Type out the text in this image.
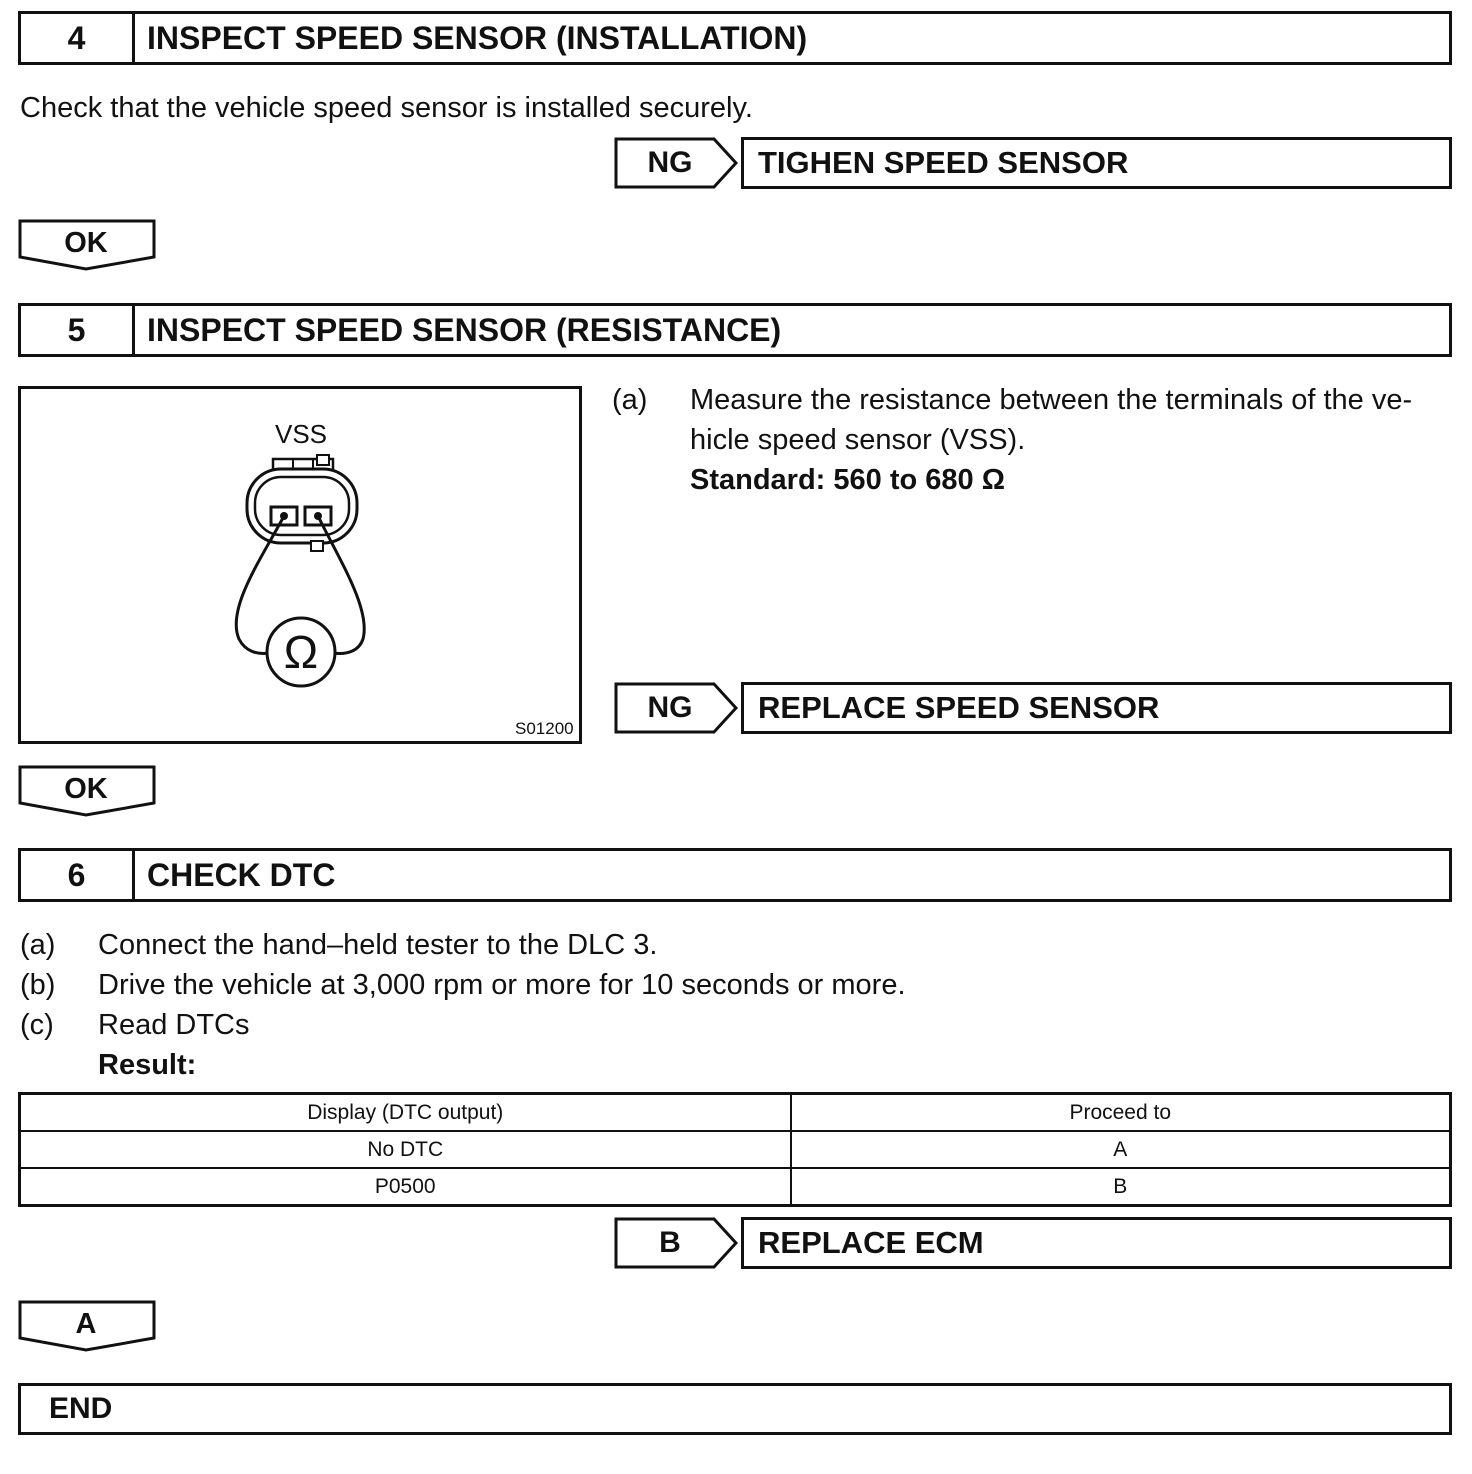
4	INSPECT SPEED SENSOR (INSTALLATION)
Check that the vehicle speed sensor is installed securely.
NG	TIGHEN SPEED SENSOR
OK
5	INSPECT SPEED SENSOR (RESISTANCE)
VSS
Ω
S01200
(a) Measure the resistance between the terminals of the ve-
hicle speed sensor (VSS).
Standard: 560 to 680 Ω
NG	REPLACE SPEED SENSOR
OK
6	CHECK DTC
(a) Connect the hand–held tester to the DLC 3.
(b) Drive the vehicle at 3,000 rpm or more for 10 seconds or more.
(c) Read DTCs
Result:
Display (DTC output)	Proceed to
No DTC	A
P0500	B
B	REPLACE ECM
A
END
